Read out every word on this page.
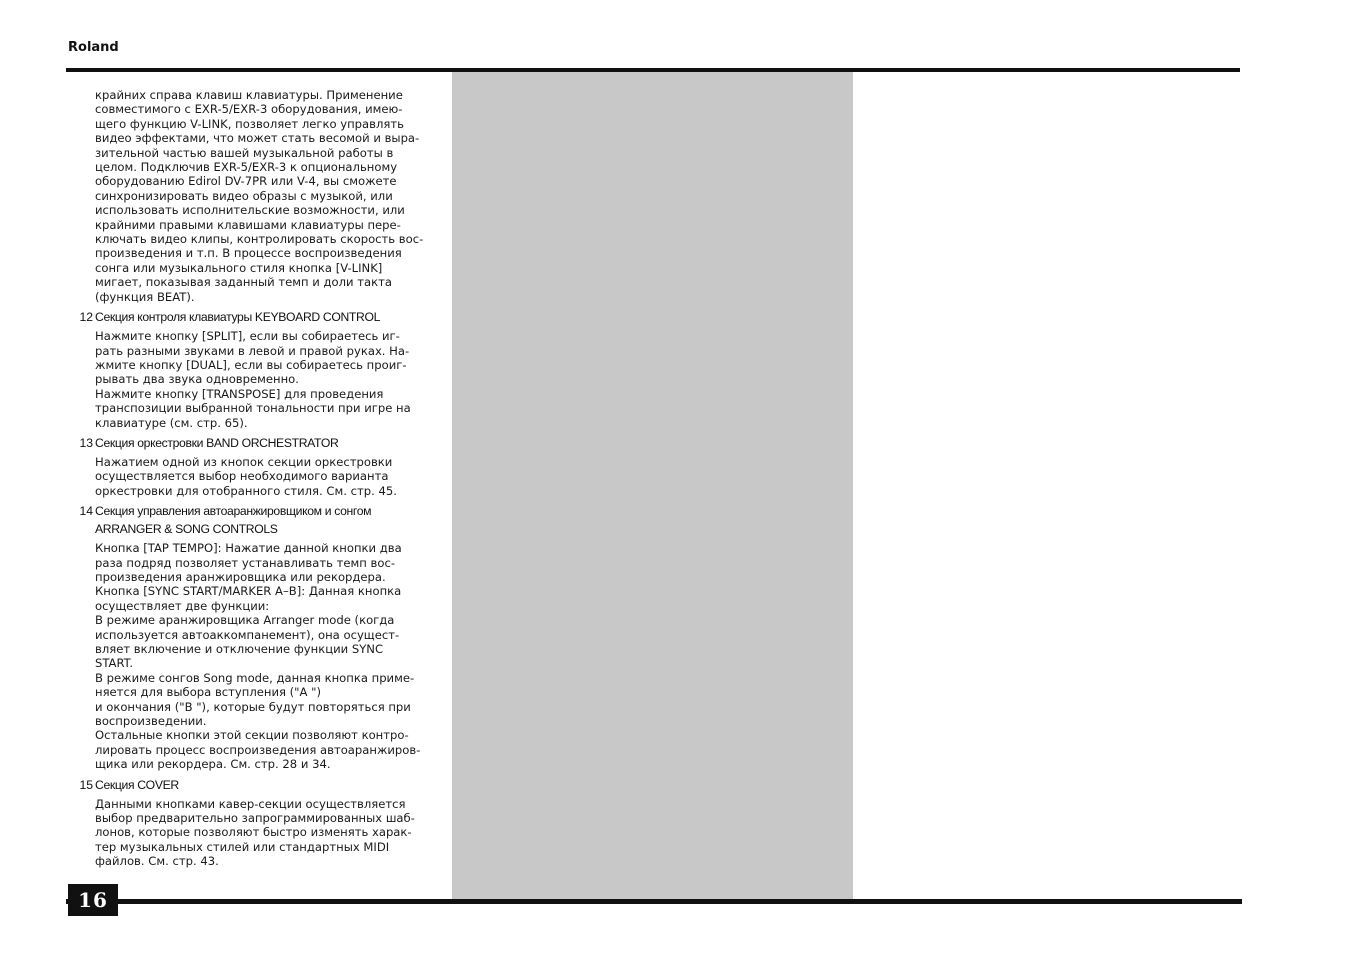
Roland

крайних справа клавиш клавиатуры. Применение

совместимого с EXR-5/EXR-3 оборудования, имею-

щего функцию V-LINK, позволяет легко управлять

видео эффектами, что может стать весомой и выра-

зительной частью вашей музыкальной работы в

целом. Подключив EXR-5/EXR-3 к опциональному

оборудованию Edirol DV-7PR или V-4, вы сможете

синхронизировать видео образы с музыкой, или

использовать исполнительские возможности, или

крайними правыми клавишами клавиатуры пере-

ключать видео клипы, контролировать скорость вос-

произведения и т.п. В процессе воспроизведения

сонга или музыкального стиля кнопка [V-LINK]

мигает, показывая заданный темп и доли такта

(функция BEAT).

12 Секция контроля клавиатуры KEYBOARD CONTROL

Нажмите кнопку [SPLIT], если вы собираетесь иг-

рать разными звуками в левой и правой руках. На-

жмите кнопку [DUAL], если вы собираетесь проиг-

рывать два звука одновременно.

Нажмите кнопку [TRANSPOSE] для проведения

транспозиции выбранной тональности при игре на

клавиатуре (см. стр. 65).

13 Секция оркестровки BAND ORCHESTRATOR

Нажатием одной из кнопок секции оркестровки

осуществляется выбор необходимого варианта

оркестровки для отобранного стиля. См. стр. 45.

14 Секция управления автоаранжировщиком и сонгом
ARRANGER & SONG CONTROLS

Кнопка [TAP TEMPO]: Нажатие данной кнопки два

раза подряд позволяет устанавливать темп вос-

произведения аранжировщика или рекордера.

Кнопка [SYNC START/MARKER A–B]: Данная кнопка

осуществляет две функции:

В режиме аранжировщика Arranger mode (когда

используется автоаккомпанемент), она осущест-

вляет включение и отключение функции SYNC

START.

В режиме сонгов Song mode, данная кнопка приме-

няется для выбора вступления ("A ")

и окончания ("B "), которые будут повторяться при

воспроизведении.

Остальные кнопки этой секции позволяют контро-

лировать процесс воспроизведения автоаранжиров-

щика или рекордера. См. стр. 28 и 34.

15 Секция COVER

Данными кнопками кавер-секции осуществляется

выбор предварительно запрограммированных шаб-

лонов, которые позволяют быстро изменять харак-

тер музыкальных стилей или стандартных MIDI

файлов. См. стр. 43.

16
